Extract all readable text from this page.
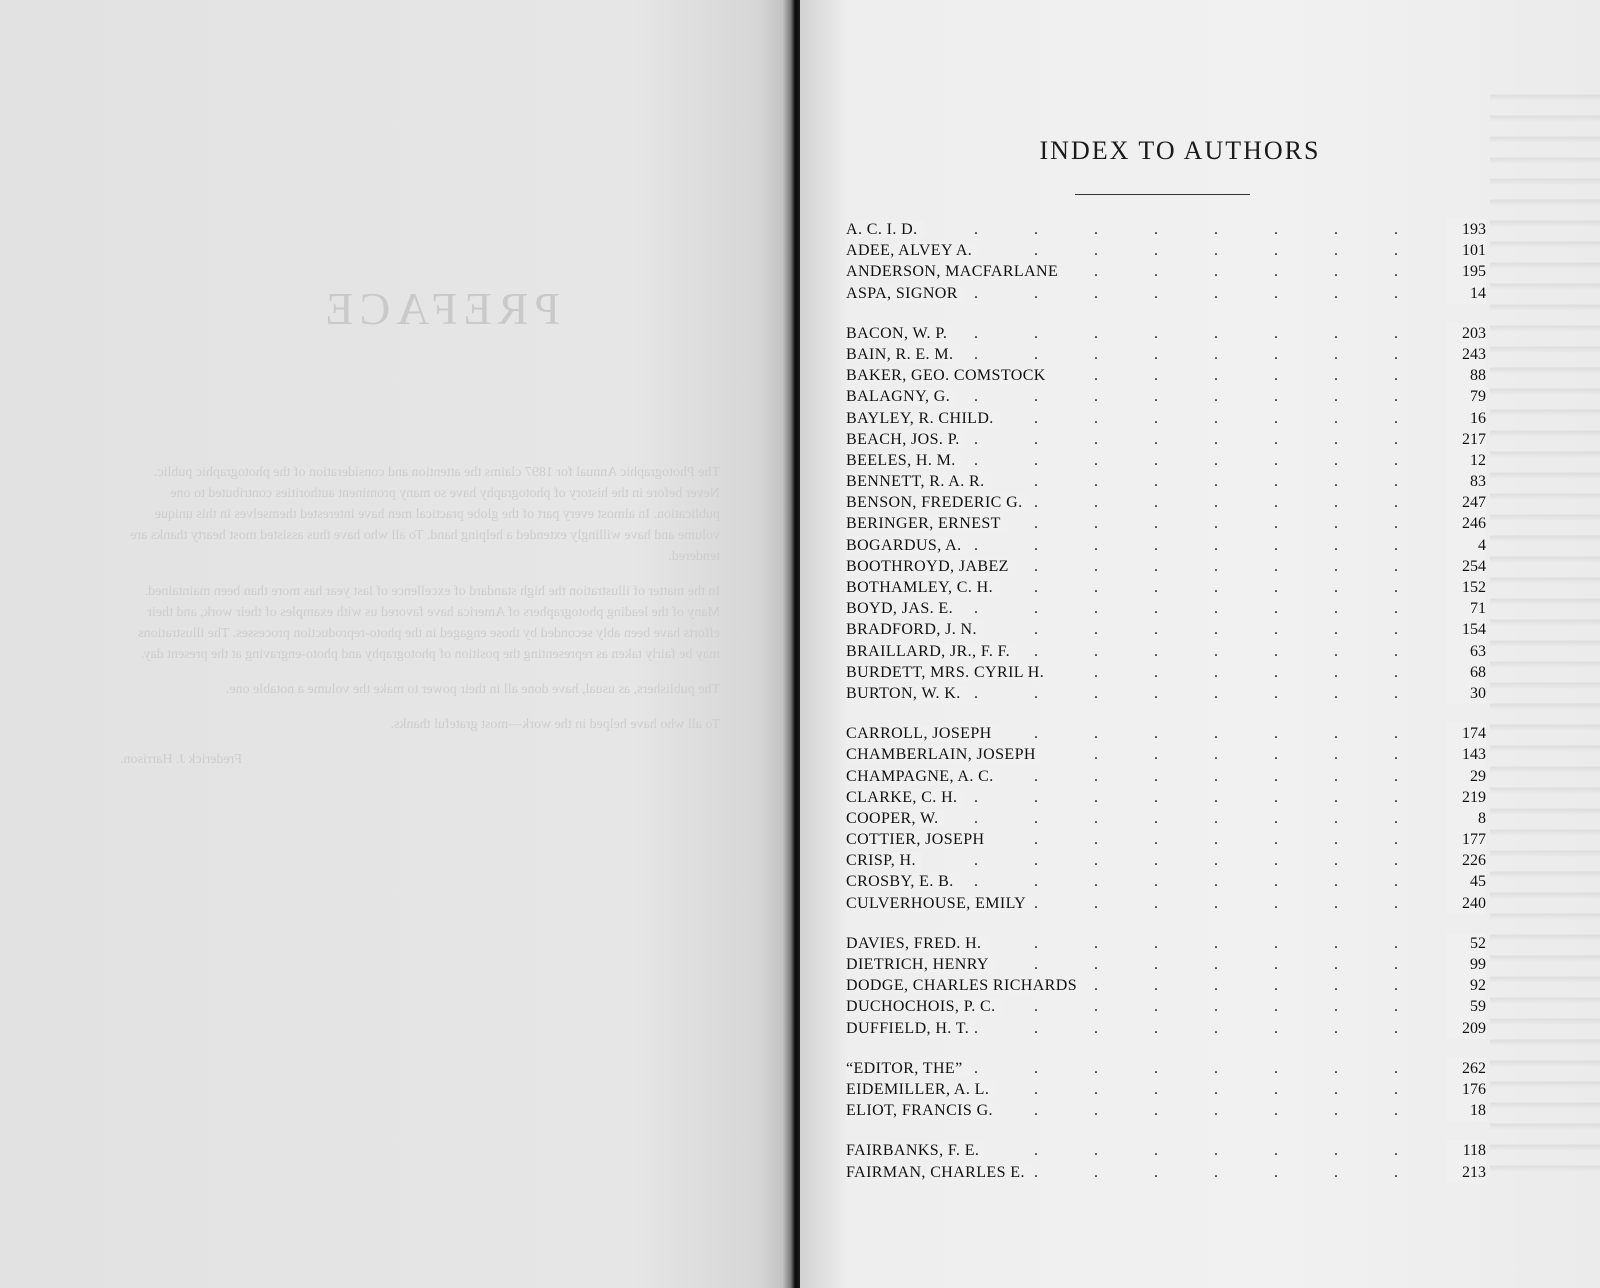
PREFACE

The Photographic Annual for 1897 claims the attention and consideration of the photographic public. Never before in the history of photography have so many prominent authorities contributed to one publication. In almost every part of the globe practical men have interested themselves in this unique volume and have willingly extended a helping hand. To all who have thus assisted most hearty thanks are tendered.

In the matter of illustration the high standard of excellence of last year has more than been maintained. Many of the leading photographers of America have favored us with examples of their work, and their efforts have been ably seconded by those engaged in the photo-reproduction processes. The illustrations may be fairly taken as representing the position of photography and photo-engraving at the present day.

The publishers, as usual, have done all in their power to make the volume a notable one.

To all who have helped in the work—most grateful thanks.

Frederick J. Harrison.

INDEX TO AUTHORS
.
A. C. I. D.	193
.
ADEE, ALVEY A.	101
.
ANDERSON, MACFARLANE	195
.
ASPA, SIGNOR	14
.
BACON, W. P.	203
.
BAIN, R. E. M.	243
.
BAKER, GEO. COMSTOCK	88
.
BALAGNY, G.	79
.
BAYLEY, R. CHILD.	16
.
BEACH, JOS. P.	217
.
BEELES, H. M.	12
.
BENNETT, R. A. R.	83
.
BENSON, FREDERIC G.	247
.
BERINGER, ERNEST	246
.
BOGARDUS, A.	4
.
BOOTHROYD, JABEZ	254
.
BOTHAMLEY, C. H.	152
.
BOYD, JAS. E.	71
.
BRADFORD, J. N.	154
.
BRAILLARD, JR., F. F.	63
.
BURDETT, MRS. CYRIL H.	68
.
BURTON, W. K.	30
.
CARROLL, JOSEPH	174
.
CHAMBERLAIN, JOSEPH	143
.
CHAMPAGNE, A. C.	29
.
CLARKE, C. H.	219
.
COOPER, W.	8
.
COTTIER, JOSEPH	177
.
CRISP, H.	226
.
CROSBY, E. B.	45
.
CULVERHOUSE, EMILY	240
.
DAVIES, FRED. H.	52
.
DIETRICH, HENRY	99
.
DODGE, CHARLES RICHARDS	92
.
DUCHOCHOIS, P. C.	59
.
DUFFIELD, H. T.	209
.
“EDITOR, THE”	262
.
EIDEMILLER, A. L.	176
.
ELIOT, FRANCIS G.	18
.
FAIRBANKS, F. E.	118
.
FAIRMAN, CHARLES E.	213
